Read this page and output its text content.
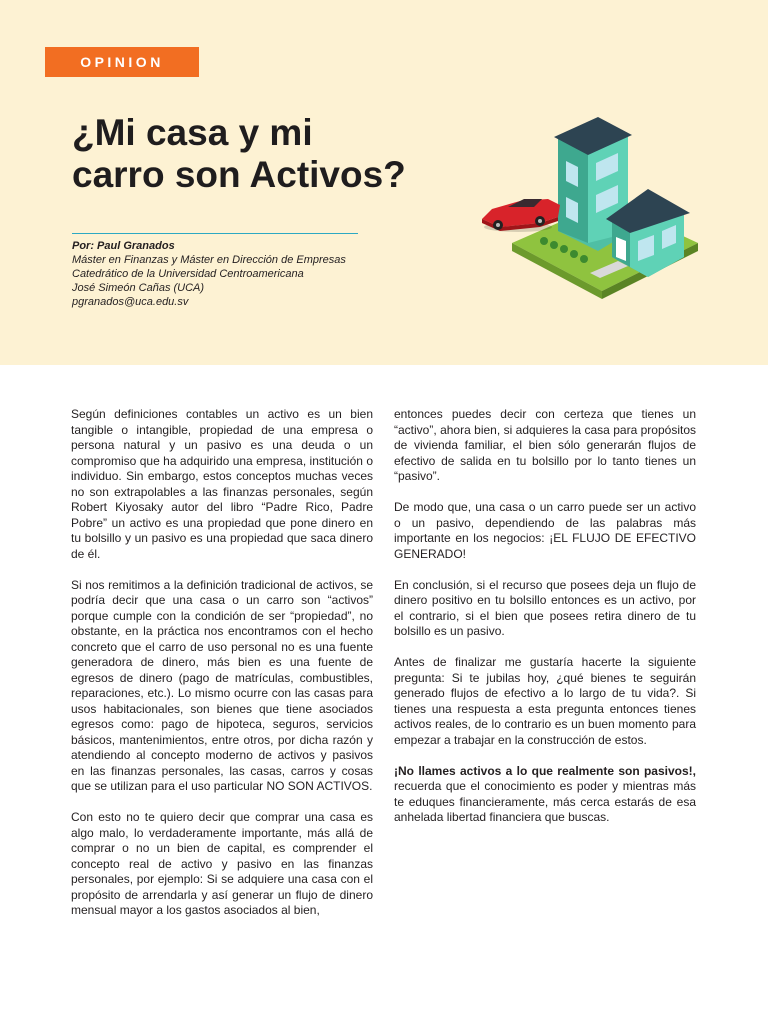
OPINION
¿Mi casa y mi
carro son Activos?
Por: Paul Granados
Máster en Finanzas y Máster en Dirección de Empresas
Catedrático de la Universidad Centroamericana
José Simeón Cañas (UCA)
pgranados@uca.edu.sv

Según definiciones contables un activo es un bien tangible o intangible, propiedad de una empresa o persona natural y un pasivo es una deuda o un compromiso que ha adquirido una empresa, institución o individuo. Sin embargo, estos conceptos muchas veces no son extrapolables a las finanzas personales, según Robert Kiyosaky autor del libro “Padre Rico, Padre Pobre” un activo es una propiedad que pone dinero en tu bolsillo y un pasivo es una propiedad que saca dinero de él.

Si nos remitimos a la definición tradicional de activos, se podría decir que una casa o un carro son “activos” porque cumple con la condición de ser “propiedad”, no obstante, en la práctica nos encontramos con el hecho concreto que el carro de uso personal no es una fuente generadora de dinero, más bien es una fuente de egresos de dinero (pago de matrículas, combustibles, reparaciones, etc.). Lo mismo ocurre con las casas para usos habitacionales, son bienes que tiene asociados egresos como: pago de hipoteca, seguros, servicios básicos, mantenimientos, entre otros, por dicha razón y atendiendo al concepto moderno de activos y pasivos en las finanzas personales, las casas, carros y cosas que se utilizan para el uso particular NO SON ACTIVOS.

Con esto no te quiero decir que comprar una casa es algo malo, lo verdaderamente importante, más allá de comprar o no un bien de capital, es comprender el concepto real de activo y pasivo en las finanzas personales, por ejemplo: Si se adquiere una casa con el propósito de arrendarla y así generar un flujo de dinero mensual mayor a los gastos asociados al bien,

entonces puedes decir con certeza que tienes un “activo”, ahora bien, si adquieres la casa para propósitos de vivienda familiar, el bien sólo generarán flujos de efectivo de salida en tu bolsillo por lo tanto tienes un “pasivo”.

De modo que, una casa o un carro puede ser un activo o un pasivo, dependiendo de las palabras más importante en los negocios: ¡EL FLUJO DE EFECTIVO GENERADO!

En conclusión, si el recurso que posees deja un flujo de dinero positivo en tu bolsillo entonces es un activo, por el contrario, si el bien que posees retira dinero de tu bolsillo es un pasivo.

Antes de finalizar me gustaría hacerte la siguiente pregunta: Si te jubilas hoy, ¿qué bienes te seguirán generado flujos de efectivo a lo largo de tu vida?. Si tienes una respuesta a esta pregunta entonces tienes activos reales, de lo contrario es un buen momento para empezar a trabajar en la construcción de estos.

¡No llames activos a lo que realmente son pasivos!, recuerda que el conocimiento es poder y mientras más te eduques financieramente, más cerca estarás de esa anhelada libertad financiera que buscas.
